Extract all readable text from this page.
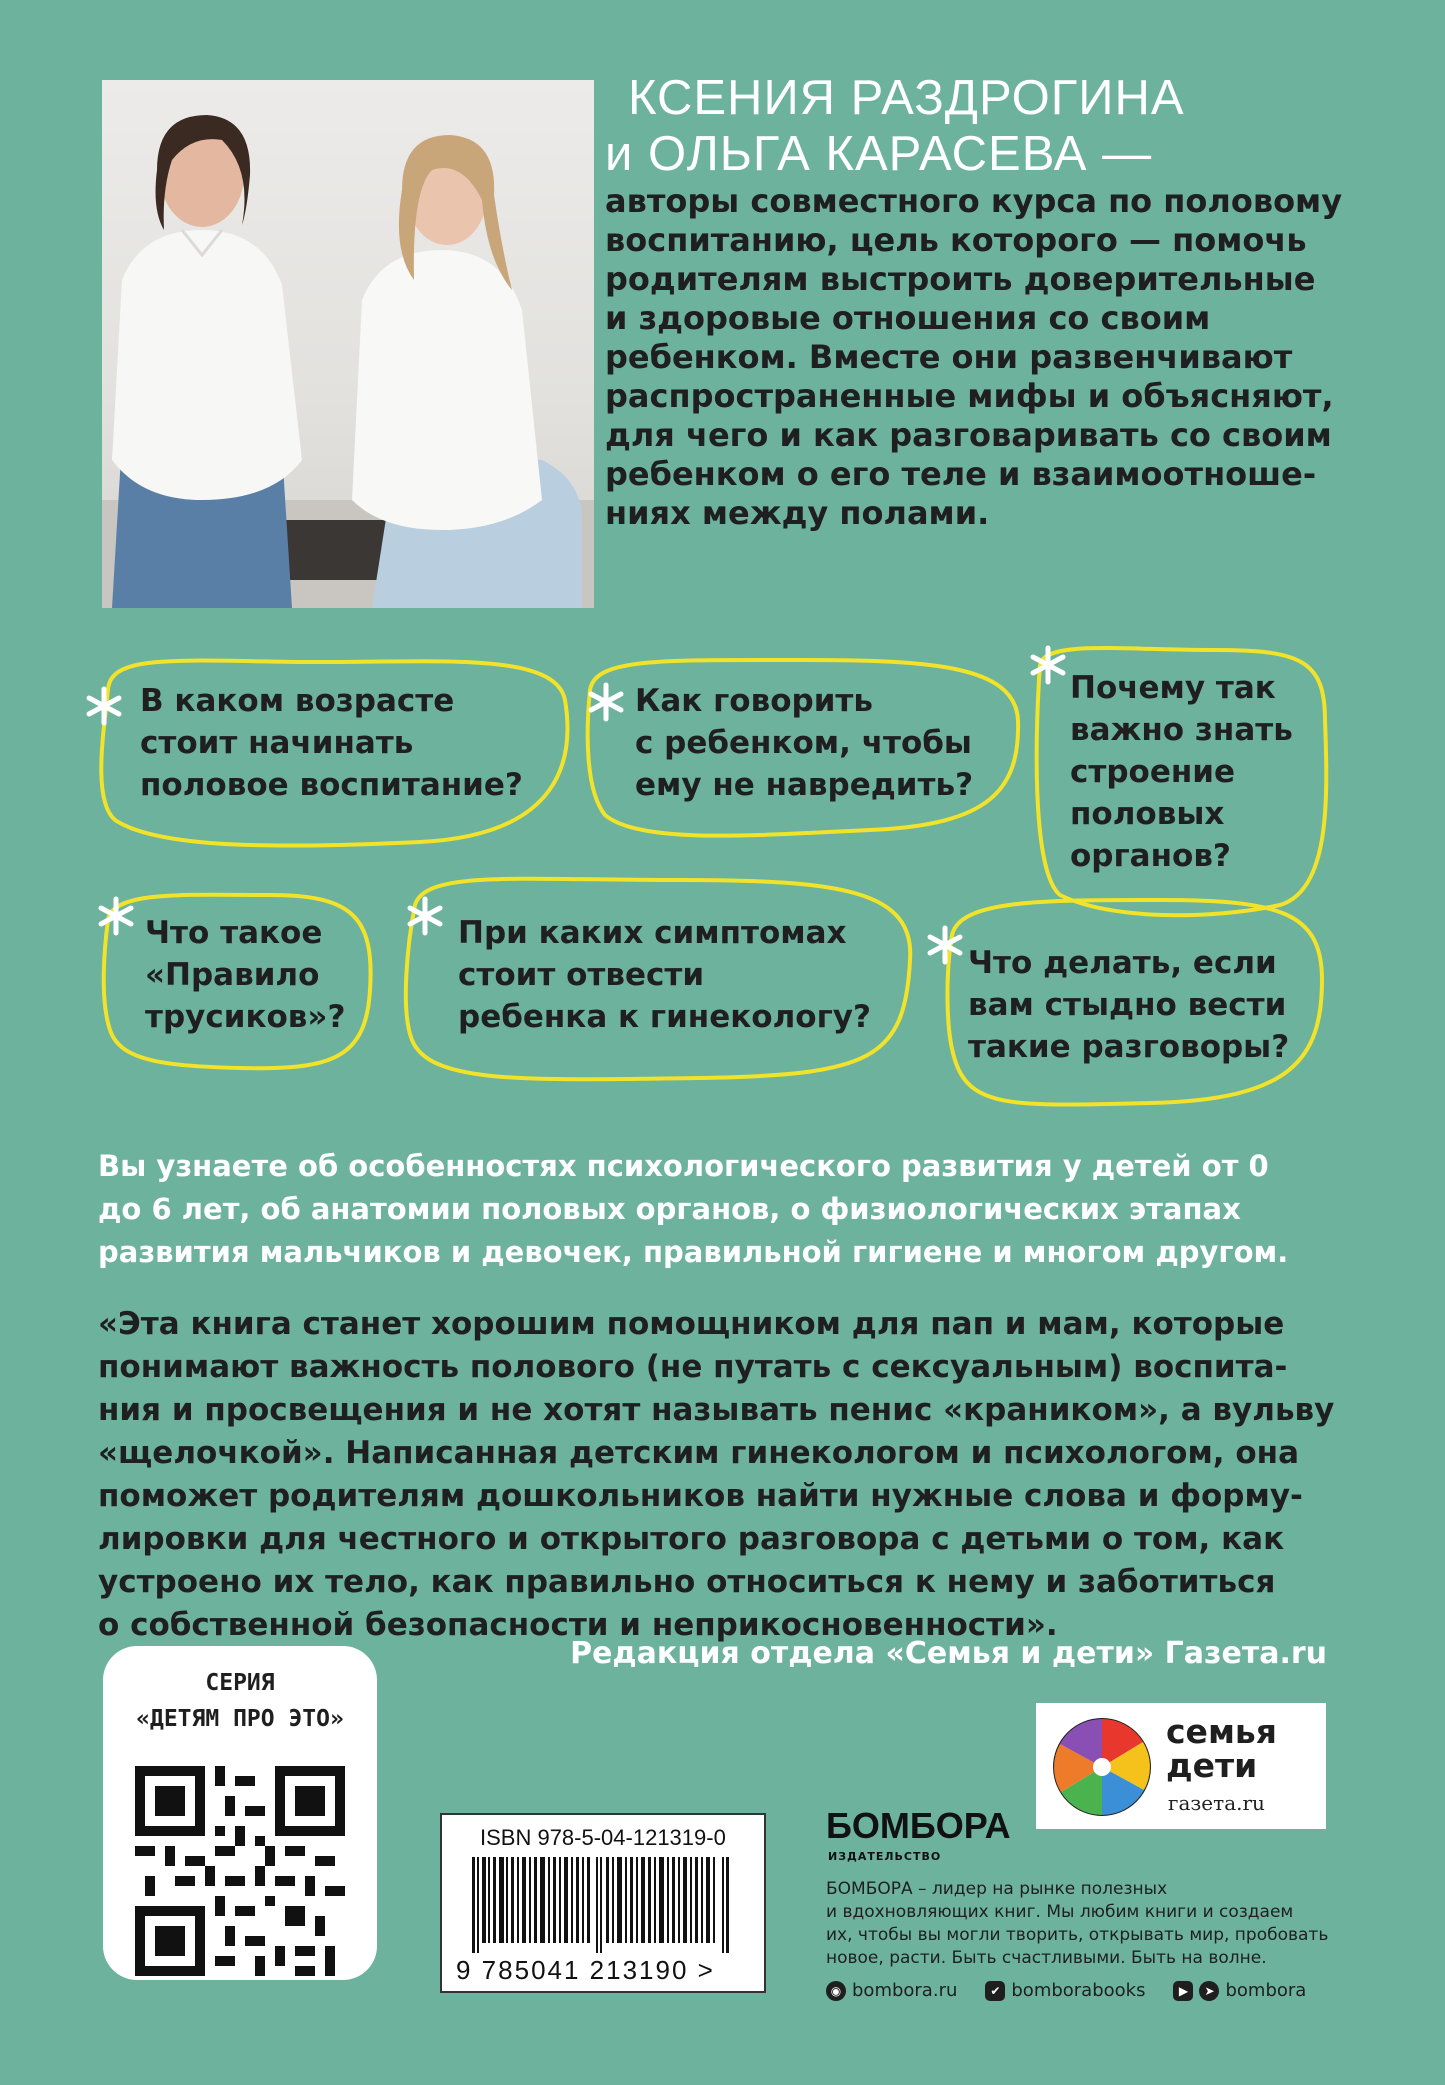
КСЕНИЯ РАЗДРОГИНА
и ОЛЬГА КАРАСЕВА —
авторы совместного курса по половому
воспитанию, цель которого — помочь
родителям выстроить доверительные
и здоровые отношения со своим
ребенком. Вместе они развенчивают
распространенные мифы и объясняют,
для чего и как разговаривать со своим
ребенком о его теле и взаимоотноше-
ниях между полами.
В каком возрасте
стоит начинать
половое воспитание?
Как говорить
с ребенком, чтобы
ему не навредить?
Почему так
важно знать
строение
половых
органов?
Что такое
«Правило
трусиков»?
При каких симптомах
стоит отвести
ребенка к гинекологу?
Что делать, если
вам стыдно вести
такие разговоры?
Вы узнаете об особенностях психологического развития у детей от 0
до 6 лет, об анатомии половых органов, о физиологических этапах
развития мальчиков и девочек, правильной гигиене и многом другом.
«Эта книга станет хорошим помощником для пап и мам, которые
понимают важность полового (не путать с сексуальным) воспита-
ния и просвещения и не хотят называть пенис «краником», а вульву
«щелочкой». Написанная детским гинекологом и психологом, она
поможет родителям дошкольников найти нужные слова и форму-
лировки для честного и открытого разговора с детьми о том, как
устроено их тело, как правильно относиться к нему и заботиться
о собственной безопасности и неприкосновенности».
Редакция отдела «Семья и дети» Газета.ru
СЕРИЯ
«ДЕТЯМ ПРО ЭТО»
ISBN 978-5-04-121319-0
9 785041 213190 >
БОМБОРА
ИЗДАТЕЛЬСТВО
БОМБОРА – лидер на рынке полезных
и вдохновляющих книг. Мы любим книги и создаем
их, чтобы вы могли творить, открывать мир, пробовать
новое, расти. Быть счастливыми. Быть на волне.
◉ bombora.ru	✔ bomborabooks	▶	➤ bombora
семья
дети
газета.ru
